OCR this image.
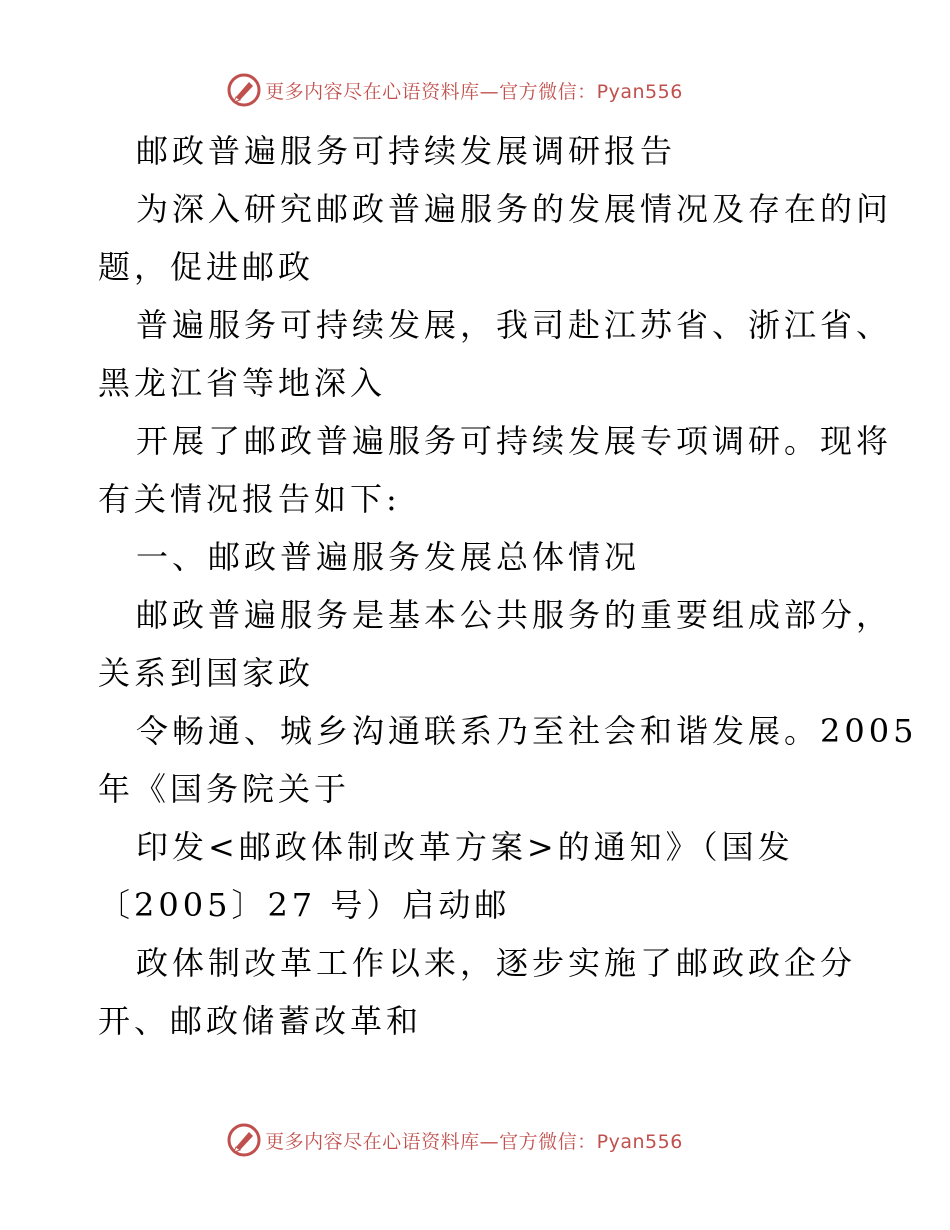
更多内容尽在心语资料库—官方微信：Pyan556
邮政普遍服务可持续发展调研报告
为深入研究邮政普遍服务的发展情况及存在的问
题，促进邮政
普遍服务可持续发展，我司赴江苏省、浙江省、
黑龙江省等地深入
开展了邮政普遍服务可持续发展专项调研。现将
有关情况报告如下:
一、邮政普遍服务发展总体情况
邮政普遍服务是基本公共服务的重要组成部分，
关系到国家政
令畅通、城乡沟通联系乃至社会和谐发展。2005
年《国务院关于
印发<邮政体制改革方案>的通知》（国发
〔2005〕27 号）启动邮
政体制改革工作以来，逐步实施了邮政政企分
开、邮政储蓄改革和
更多内容尽在心语资料库—官方微信：Pyan556
